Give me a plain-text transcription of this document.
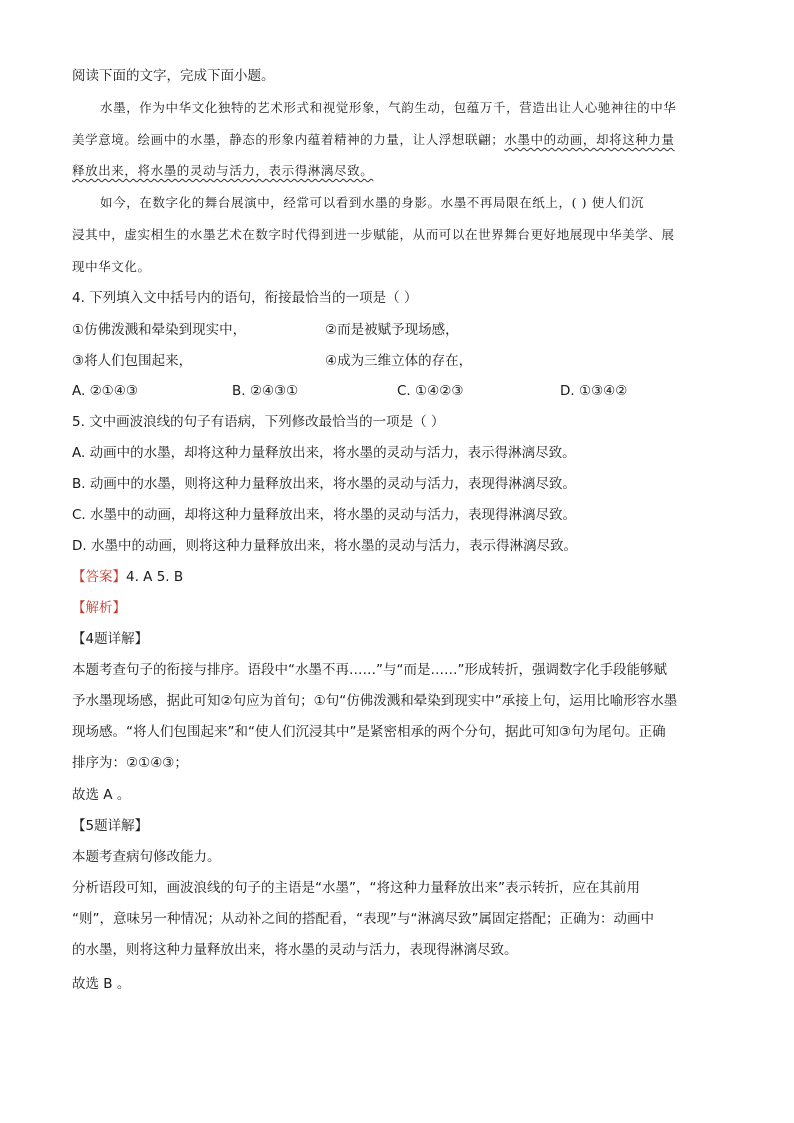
阅读下面的文字，完成下面小题。
水墨，作为中华文化独特的艺术形式和视觉形象，气韵生动，包蕴万千，营造出让人心驰神往的中华
美学意境。绘画中的水墨，静态的形象内蕴着精神的力量，让人浮想联翩；水墨中的动画，却将这种力量
释放出来，将水墨的灵动与活力，表示得淋漓尽致。
如今，在数字化的舞台展演中，经常可以看到水墨的身影。水墨不再局限在纸上，( ) 使人们沉
浸其中，虚实相生的水墨艺术在数字时代得到进一步赋能，从而可以在世界舞台更好地展现中华美学、展
现中华文化。
4. 下列填入文中括号内的语句，衔接最恰当的一项是（ ）
①仿佛泼溅和晕染到现实中，	②而是被赋予现场感，
③将人们包围起来，	④成为三维立体的存在，
A. ②①④③	B. ②④③①	C. ①④②③	D. ①③④②
5. 文中画波浪线的句子有语病，下列修改最恰当的一项是（ ）
A. 动画中的水墨，却将这种力量释放出来，将水墨的灵动与活力，表示得淋漓尽致。
B. 动画中的水墨，则将这种力量释放出来，将水墨的灵动与活力，表现得淋漓尽致。
C. 水墨中的动画，却将这种力量释放出来，将水墨的灵动与活力，表现得淋漓尽致。
D. 水墨中的动画，则将这种力量释放出来，将水墨的灵动与活力，表示得淋漓尽致。
【答案】4. A 5. B
【解析】
【4题详解】
本题考查句子的衔接与排序。语段中“水墨不再……”与“而是……”形成转折，强调数字化手段能够赋
予水墨现场感，据此可知②句应为首句；①句“仿佛泼溅和晕染到现实中”承接上句，运用比喻形容水墨
现场感。“将人们包围起来”和“使人们沉浸其中”是紧密相承的两个分句，据此可知③句为尾句。正确
排序为：②①④③；
故选 A 。
【5题详解】
本题考查病句修改能力。
分析语段可知，画波浪线的句子的主语是“水墨”，“将这种力量释放出来”表示转折，应在其前用
“则”，意味另一种情况；从动补之间的搭配看，“表现”与“淋漓尽致”属固定搭配；正确为：动画中
的水墨，则将这种力量释放出来，将水墨的灵动与活力，表现得淋漓尽致。
故选 B 。
